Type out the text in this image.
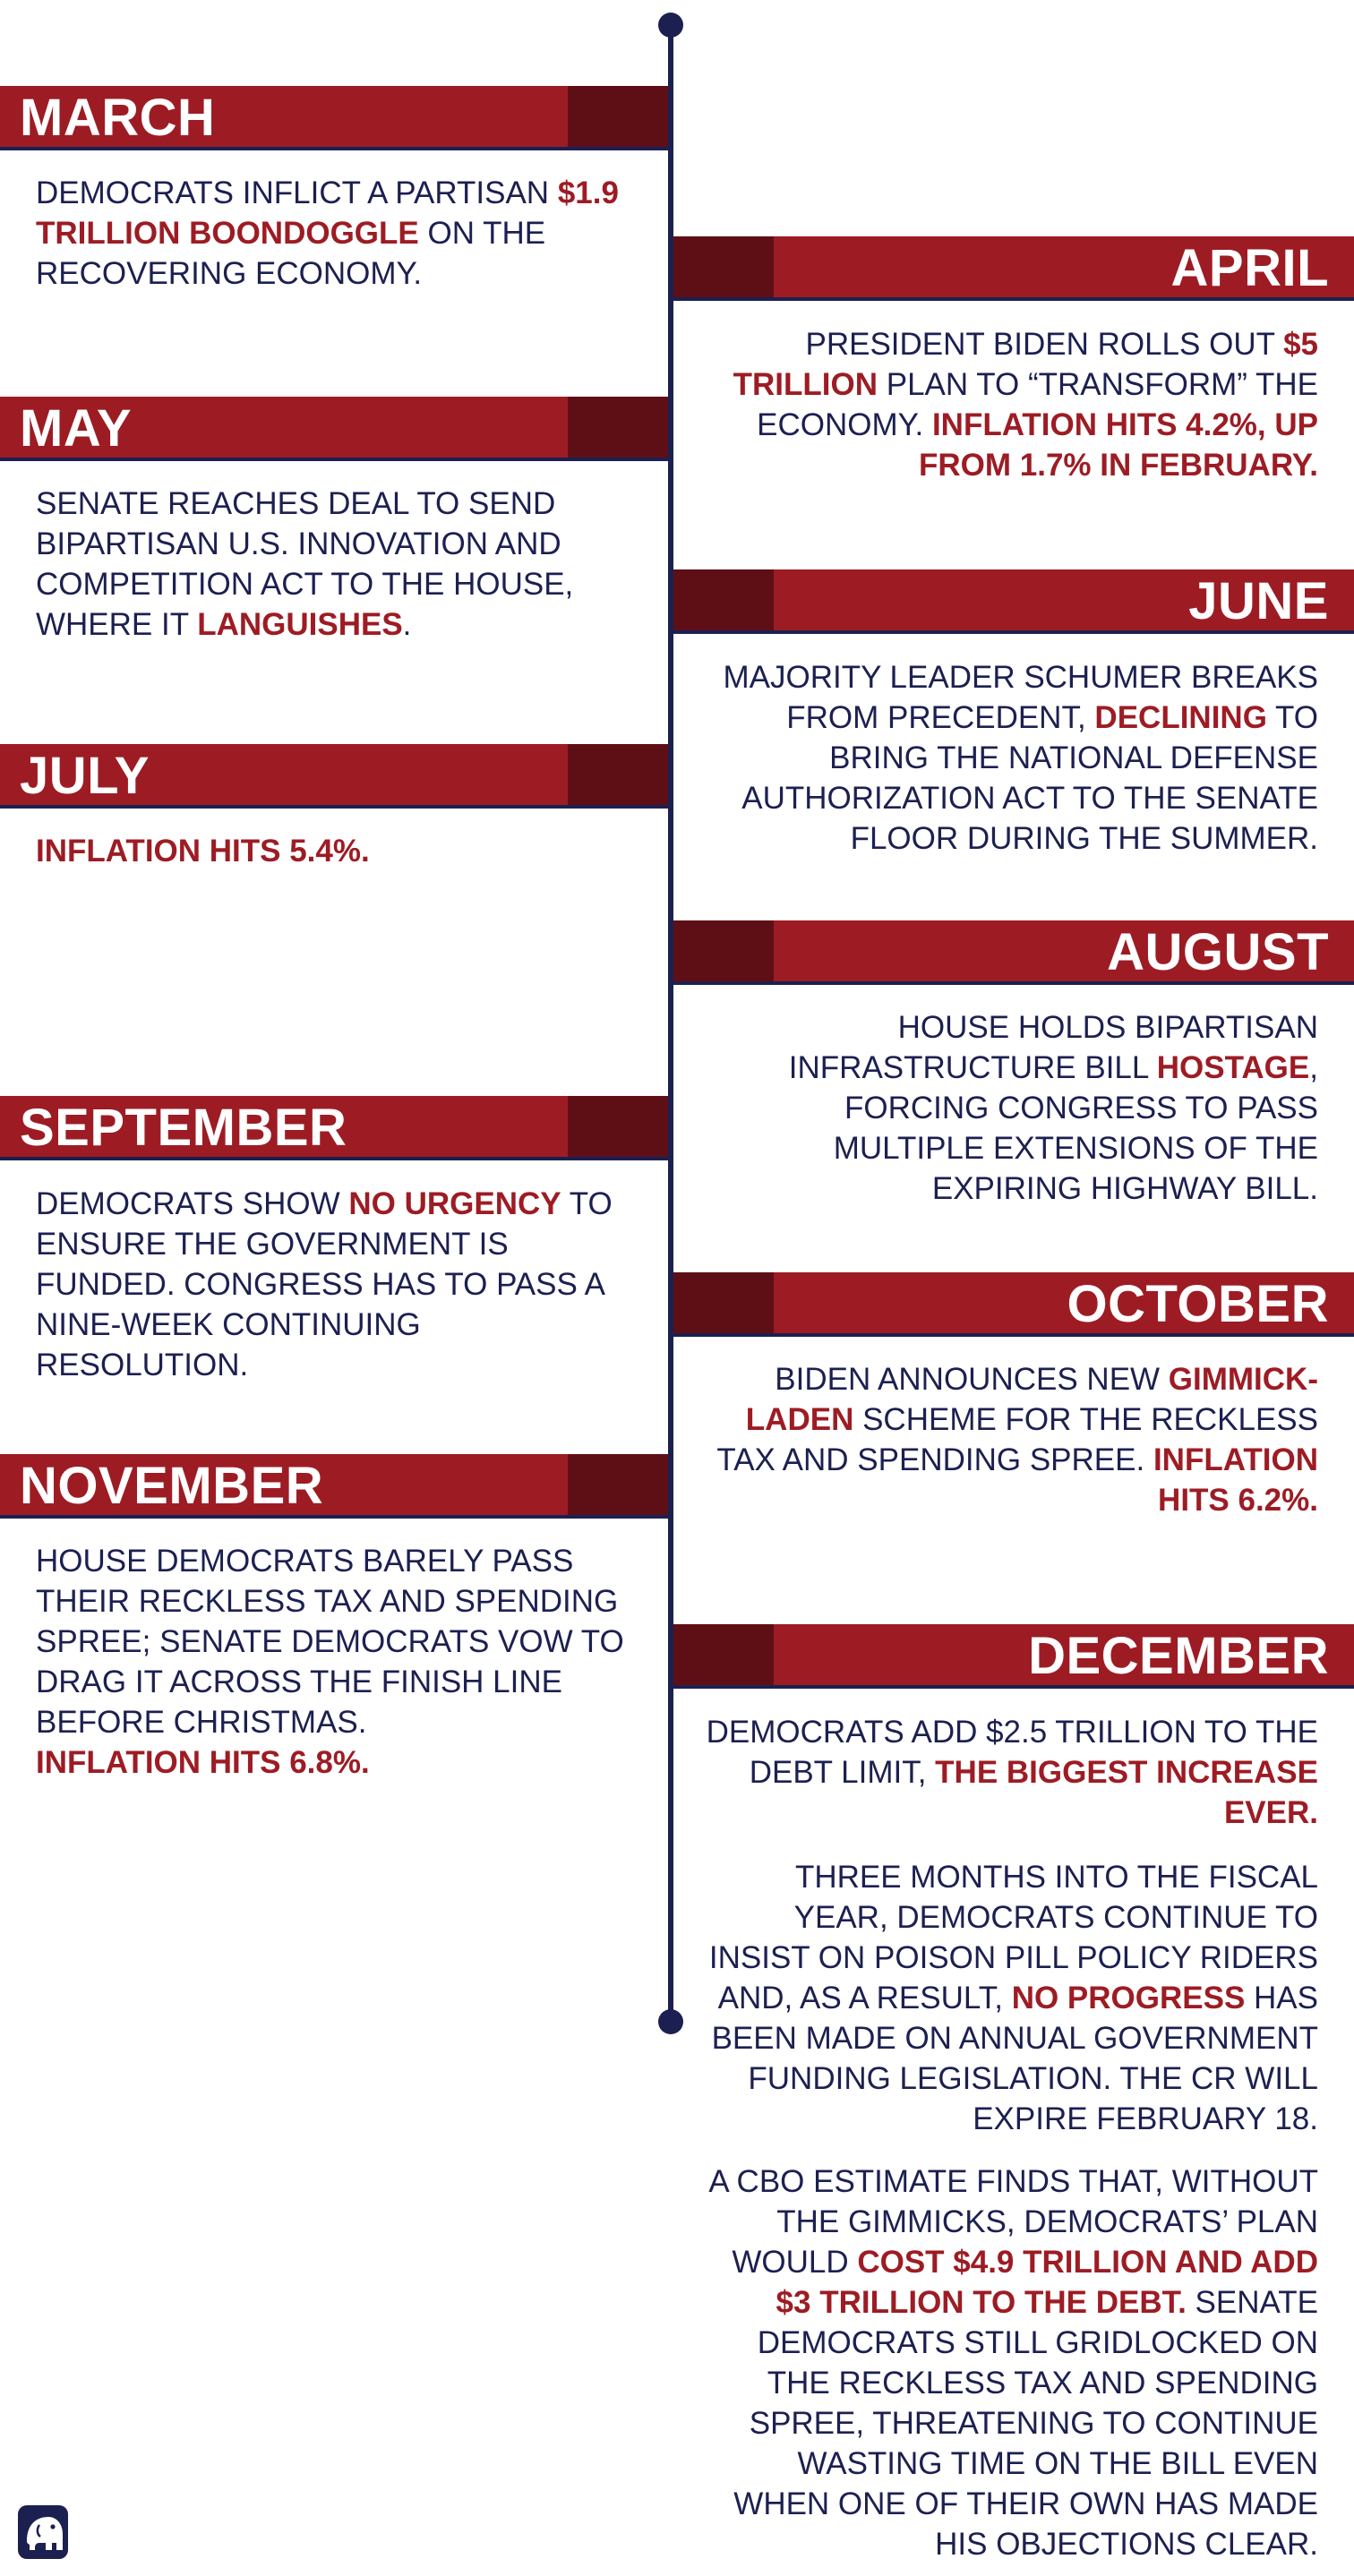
MARCH
DEMOCRATS INFLICT A PARTISAN $1.9 TRILLION BOONDOGGLE ON THE RECOVERING ECONOMY.	APRIL
PRESIDENT BIDEN ROLLS OUT $5 TRILLION PLAN TO “TRANSFORM” THE ECONOMY. INFLATION HITS 4.2%, UP FROM 1.7% IN FEBRUARY.
MAY
SENATE REACHES DEAL TO SEND BIPARTISAN U.S. INNOVATION AND COMPETITION ACT TO THE HOUSE, WHERE IT LANGUISHES.	JUNE
MAJORITY LEADER SCHUMER BREAKS FROM PRECEDENT, DECLINING TO BRING THE NATIONAL DEFENSE AUTHORIZATION ACT TO THE SENATE FLOOR DURING THE SUMMER.
JULY
INFLATION HITS 5.4%.
AUGUST
HOUSE HOLDS BIPARTISAN INFRASTRUCTURE BILL HOSTAGE, FORCING CONGRESS TO PASS MULTIPLE EXTENSIONS OF THE EXPIRING HIGHWAY BILL.
SEPTEMBER
DEMOCRATS SHOW NO URGENCY TO ENSURE THE GOVERNMENT IS FUNDED. CONGRESS HAS TO PASS A NINE-WEEK CONTINUING RESOLUTION.
OCTOBER
BIDEN ANNOUNCES NEW GIMMICK-LADEN SCHEME FOR THE RECKLESS TAX AND SPENDING SPREE. INFLATION HITS 6.2%.
NOVEMBER
HOUSE DEMOCRATS BARELY PASS THEIR RECKLESS TAX AND SPENDING SPREE; SENATE DEMOCRATS VOW TO DRAG IT ACROSS THE FINISH LINE BEFORE CHRISTMAS.
INFLATION HITS 6.8%.
DECEMBER
DEMOCRATS ADD $2.5 TRILLION TO THE DEBT LIMIT, THE BIGGEST INCREASE EVER.
THREE MONTHS INTO THE FISCAL YEAR, DEMOCRATS CONTINUE TO INSIST ON POISON PILL POLICY RIDERS AND, AS A RESULT, NO PROGRESS HAS BEEN MADE ON ANNUAL GOVERNMENT FUNDING LEGISLATION. THE CR WILL EXPIRE FEBRUARY 18.
A CBO ESTIMATE FINDS THAT, WITHOUT THE GIMMICKS, DEMOCRATS’ PLAN WOULD COST $4.9 TRILLION AND ADD $3 TRILLION TO THE DEBT. SENATE DEMOCRATS STILL GRIDLOCKED ON THE RECKLESS TAX AND SPENDING SPREE, THREATENING TO CONTINUE WASTING TIME ON THE BILL EVEN WHEN ONE OF THEIR OWN HAS MADE HIS OBJECTIONS CLEAR.
